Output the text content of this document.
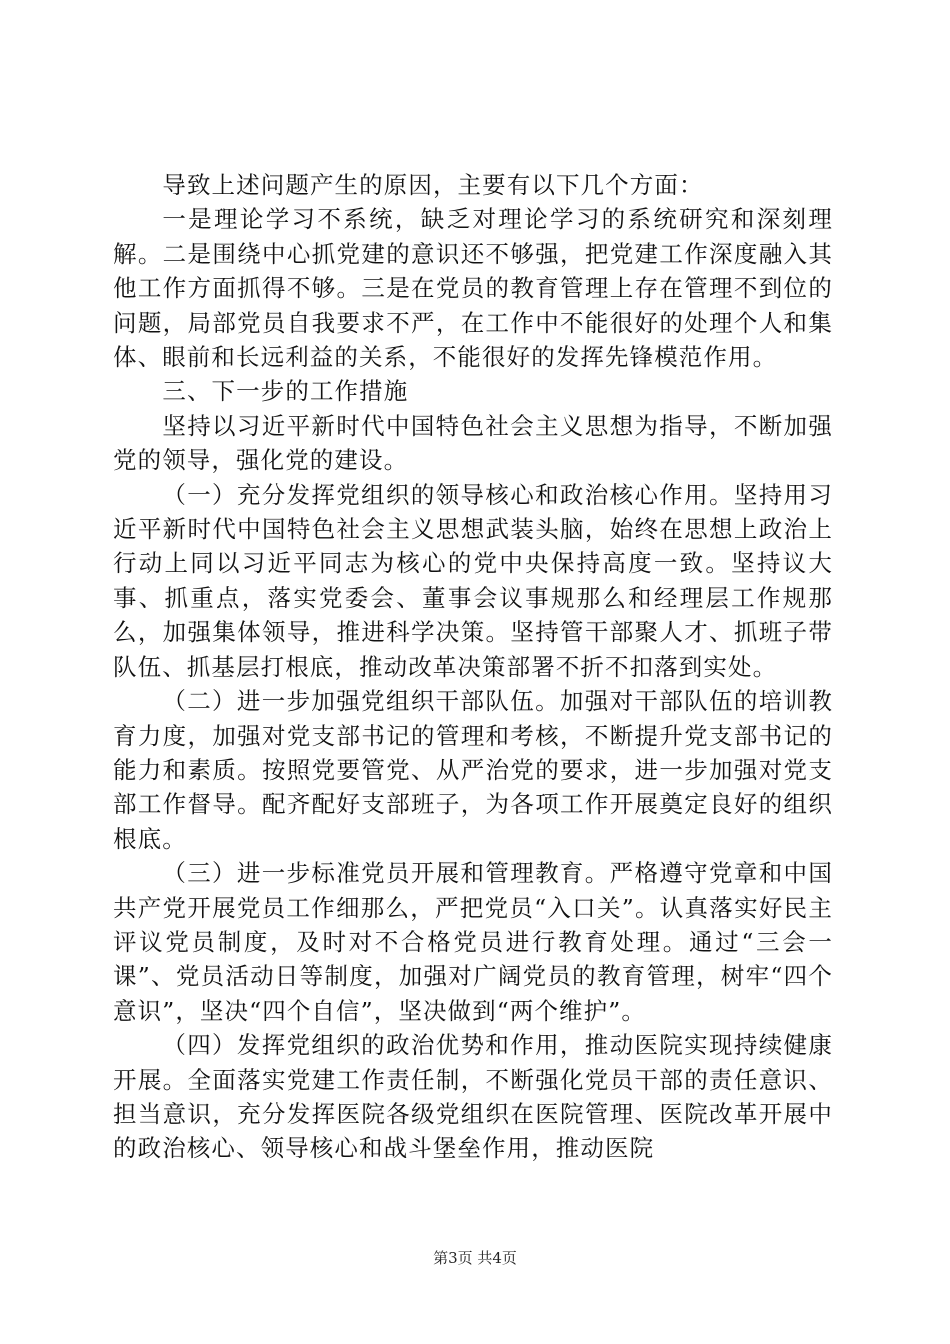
导致上述问题产生的原因，主要有以下几个方面：

一是理论学习不系统，缺乏对理论学习的系统研究和深刻理解。二是围绕中心抓党建的意识还不够强，把党建工作深度融入其他工作方面抓得不够。三是在党员的教育管理上存在管理不到位的问题，局部党员自我要求不严，在工作中不能很好的处理个人和集体、眼前和长远利益的关系，不能很好的发挥先锋模范作用。

三、下一步的工作措施

坚持以习近平新时代中国特色社会主义思想为指导，不断加强党的领导，强化党的建设。

（一）充分发挥党组织的领导核心和政治核心作用。坚持用习近平新时代中国特色社会主义思想武装头脑，始终在思想上政治上行动上同以习近平同志为核心的党中央保持高度一致。坚持议大事、抓重点，落实党委会、董事会议事规那么和经理层工作规那么，加强集体领导，推进科学决策。坚持管干部聚人才、抓班子带队伍、抓基层打根底，推动改革决策部署不折不扣落到实处。

（二）进一步加强党组织干部队伍。加强对干部队伍的培训教育力度，加强对党支部书记的管理和考核，不断提升党支部书记的能力和素质。按照党要管党、从严治党的要求，进一步加强对党支部工作督导。配齐配好支部班子，为各项工作开展奠定良好的组织根底。

（三）进一步标准党员开展和管理教育。严格遵守党章和中国共产党开展党员工作细那么，严把党员“入口关”。认真落实好民主评议党员制度，及时对不合格党员进行教育处理。通过“三会一课”、党员活动日等制度，加强对广阔党员的教育管理，树牢“四个意识”，坚决“四个自信”，坚决做到“两个维护”。

（四）发挥党组织的政治优势和作用，推动医院实现持续健康开展。全面落实党建工作责任制，不断强化党员干部的责任意识、担当意识，充分发挥医院各级党组织在医院管理、医院改革开展中的政治核心、领导核心和战斗堡垒作用，推动医院

第3页 共4页
